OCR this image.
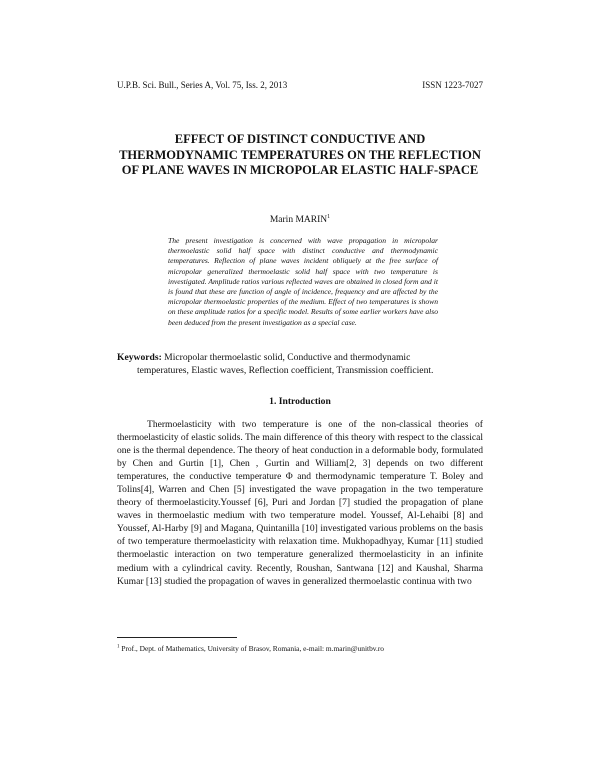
U.P.B. Sci. Bull., Series A, Vol. 75, Iss. 2, 2013	ISSN 1223-7027
EFFECT OF DISTINCT CONDUCTIVE AND THERMODYNAMIC TEMPERATURES ON THE REFLECTION OF PLANE WAVES IN MICROPOLAR ELASTIC HALF-SPACE
Marin MARIN$^1$
The present investigation is concerned with wave propagation in micropolar thermoelastic solid half space with distinct conductive and thermodynamic temperatures. Reflection of plane waves incident obliquely at the free surface of micropolar generalized thermoelastic solid half space with two temperature is investigated. Amplitude ratios various reflected waves are obtained in closed form and it is found that these are function of angle of incidence, frequency and are affected by the micropolar thermoelastic properties of the medium. Effect of two temperatures is shown on these amplitude ratios for a specific model. Results of some earlier workers have also been deduced from the present investigation as a special case.
Keywords: Micropolar thermoelastic solid, Conductive and thermodynamic
temperatures, Elastic waves, Reflection coefficient, Transmission coefficient.
1. Introduction
Thermoelasticity with two temperature is one of the non-classical theories of thermoelasticity of elastic solids. The main difference of this theory with respect to the classical one is the thermal dependence. The theory of heat conduction in a deformable body, formulated by Chen and Gurtin [1], Chen , Gurtin and William[2, 3] depends on two different temperatures, the conductive temperature Φ and thermodynamic temperature T. Boley and Tolins[4], Warren and Chen [5] investigated the wave propagation in the two temperature theory of thermoelasticity.Youssef [6], Puri and Jordan [7] studied the propagation of plane waves in thermoelastic medium with two temperature model. Youssef, Al-Lehaibi [8] and Youssef, Al-Harby [9] and Magana, Quintanilla [10] investigated various problems on the basis of two temperature thermoelasticity with relaxation time. Mukhopadhyay, Kumar [11] studied thermoelastic interaction on two temperature generalized thermoelasticity in an infinite medium with a cylindrical cavity. Recently, Roushan, Santwana [12] and Kaushal, Sharma Kumar [13] studied the propagation of waves in generalized thermoelastic continua with two
$^1$ Prof., Dept. of Mathematics, University of Brasov, Romania, e-mail: m.marin@unitbv.ro
